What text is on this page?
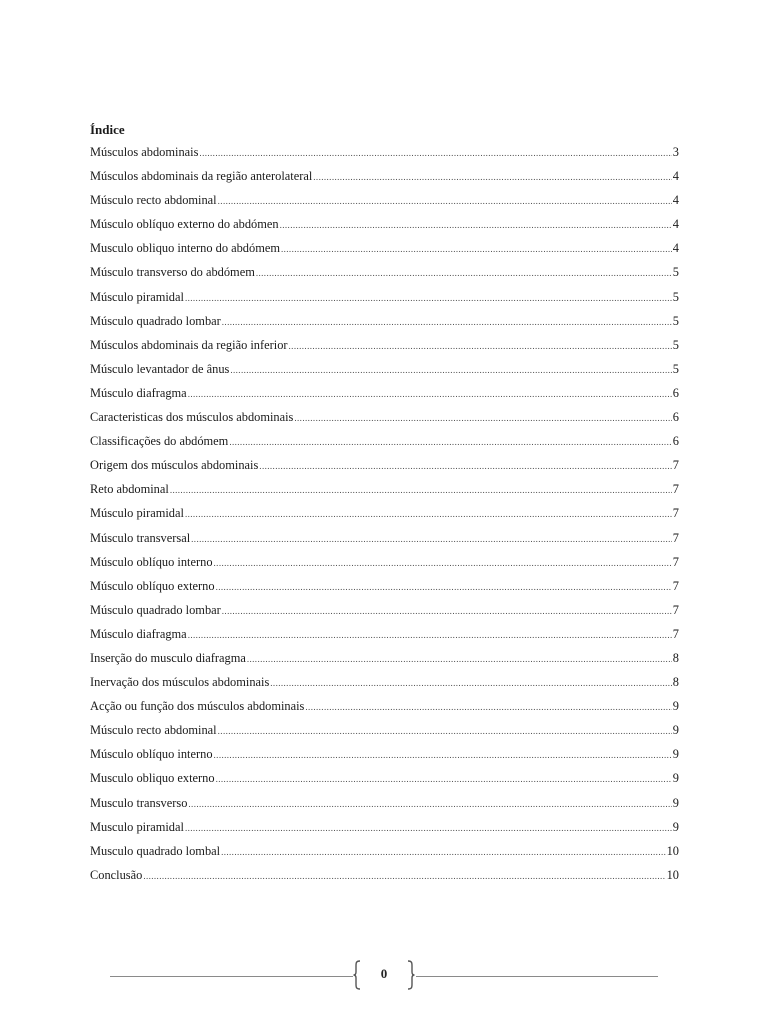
Índice
Músculos abdominais .....	3
Músculos abdominais da região anterolateral .....	4
Músculo recto abdominal .....	4
Músculo oblíquo externo do abdómen .....	4
Musculo obliquo interno do abdómem .....	4
Músculo transverso do abdómem .....	5
Músculo piramidal .....	5
Músculo quadrado lombar .....	5
Músculos abdominais da região inferior .....	5
Músculo levantador de ânus .....	5
Músculo diafragma .....	6
Caracteristicas dos músculos abdominais .....	6
Classificações do abdómem .....	6
Origem dos músculos abdominais .....	7
Reto abdominal .....	7
Músculo piramidal .....	7
Músculo transversal .....	7
Músculo oblíquo interno .....	7
Músculo oblíquo externo .....	7
Músculo quadrado lombar .....	7
Músculo diafragma .....	7
Inserção do musculo diafragma .....	8
Inervação dos músculos abdominais .....	8
Acção ou função dos músculos abdominais .....	9
Músculo recto abdominal .....	9
Músculo oblíquo interno .....	9
Musculo obliquo externo .....	9
Musculo transverso .....	9
Musculo piramidal .....	9
Musculo quadrado lombal .....	10
Conclusão .....	10
0
